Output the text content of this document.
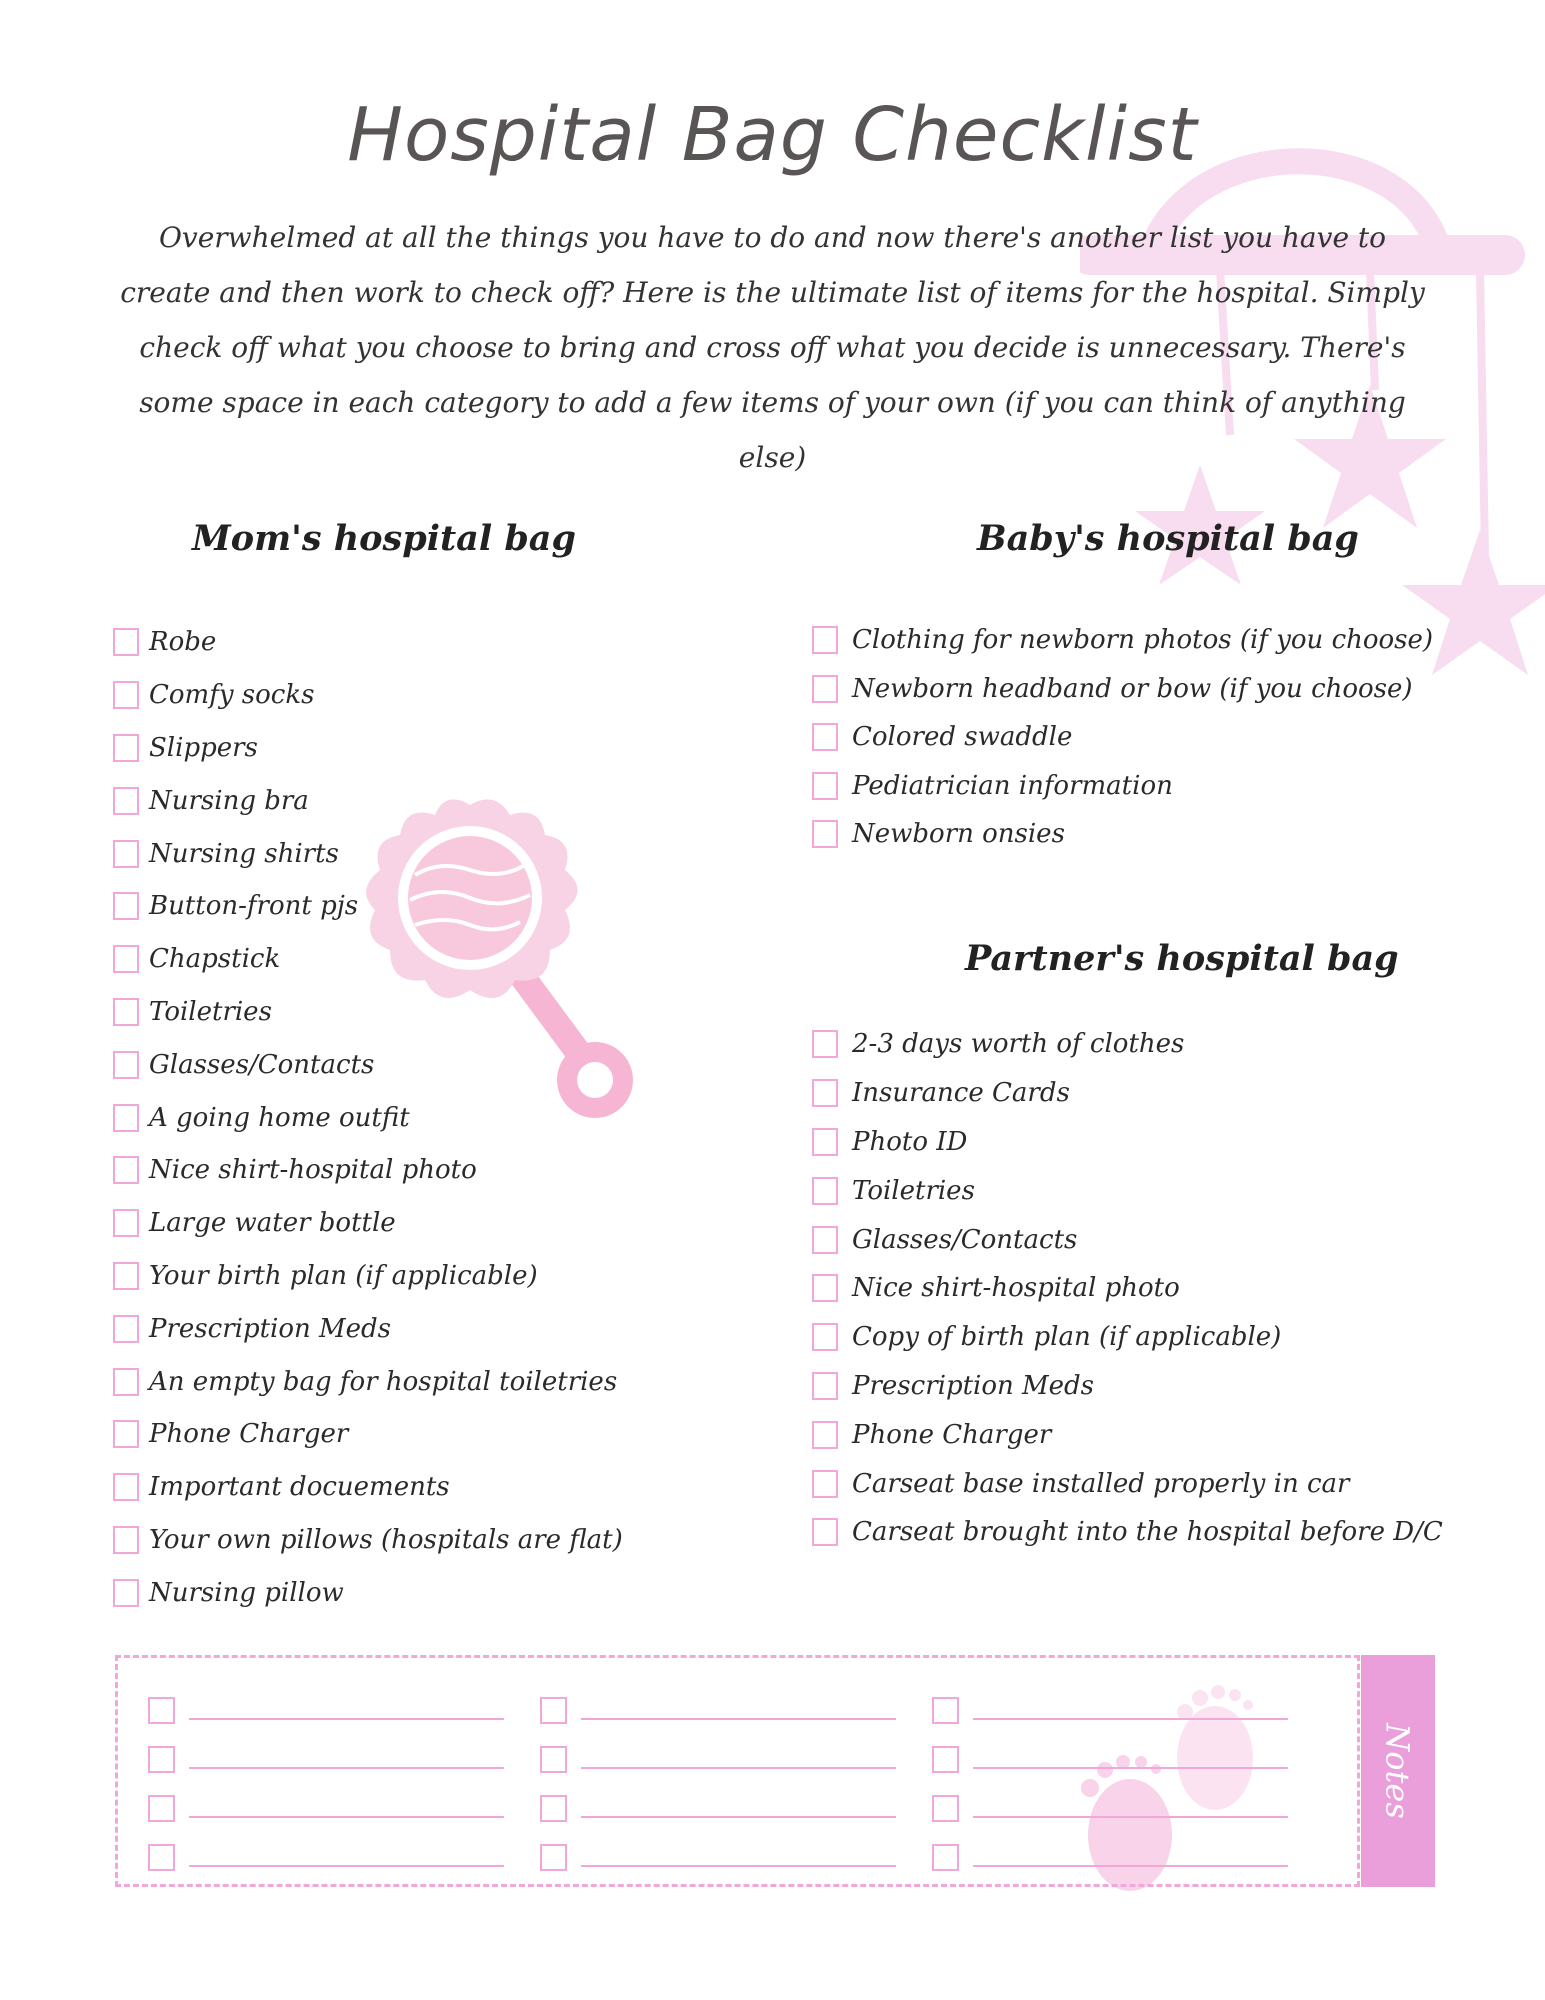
Hospital Bag Checklist

Overwhelmed at all the things you have to do and now there's another list you have to create and then work to check off? Here is the ultimate list of items for the hospital. Simply check off what you choose to bring and cross off what you decide is unnecessary. There's some space in each category to add a few items of your own (if you can think of anything else)

Mom's hospital bag
Robe
Comfy socks
Slippers
Nursing bra
Nursing shirts
Button-front pjs
Chapstick
Toiletries
Glasses/Contacts
A going home outfit
Nice shirt-hospital photo
Large water bottle
Your birth plan (if applicable)
Prescription Meds
An empty bag for hospital toiletries
Phone Charger
Important docuements
Your own pillows (hospitals are flat)
Nursing pillow
Baby's hospital bag
Clothing for newborn photos (if you choose)
Newborn headband or bow (if you choose)
Colored swaddle
Pediatrician information
Newborn onsies
Partner's hospital bag
2-3 days worth of clothes
Insurance Cards
Photo ID
Toiletries
Glasses/Contacts
Nice shirt-hospital photo
Copy of birth plan (if applicable)
Prescription Meds
Phone Charger
Carseat base installed properly in car
Carseat brought into the hospital before D/C
Notes
